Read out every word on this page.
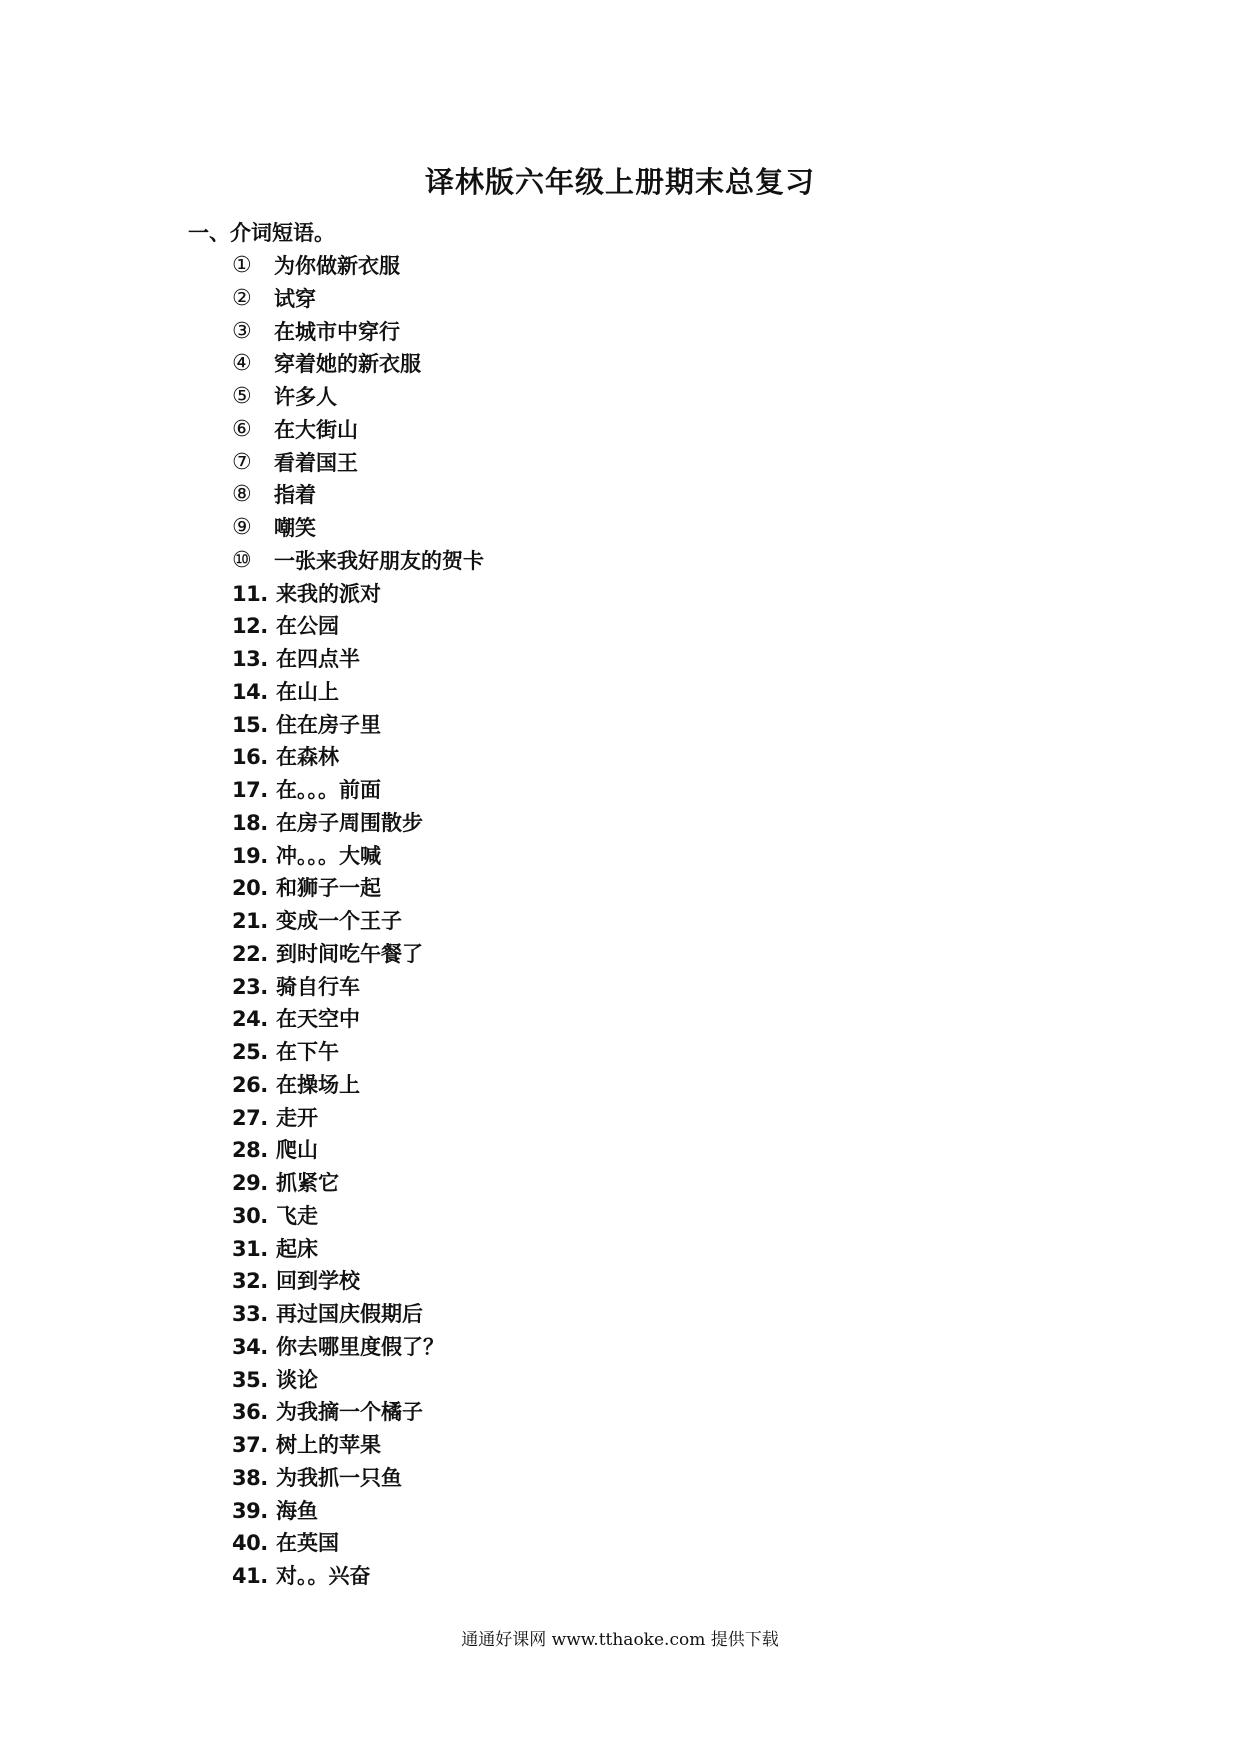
译林版六年级上册期末总复习
一、介词短语。
①	为你做新衣服
②	试穿
③	在城市中穿行
④	穿着她的新衣服
⑤	许多人
⑥	在大街山
⑦	看着国王
⑧	指着
⑨	嘲笑
⑩	一张来我好朋友的贺卡
11. 来我的派对
12. 在公园
13. 在四点半
14. 在山上
15. 住在房子里
16. 在森林
17. 在。。。前面
18. 在房子周围散步
19. 冲。。。大喊
20. 和狮子一起
21. 变成一个王子
22. 到时间吃午餐了
23. 骑自行车
24. 在天空中
25. 在下午
26. 在操场上
27. 走开
28. 爬山
29. 抓紧它
30. 飞走
31. 起床
32. 回到学校
33. 再过国庆假期后
34. 你去哪里度假了？
35. 谈论
36. 为我摘一个橘子
37. 树上的苹果
38. 为我抓一只鱼
39. 海鱼
40. 在英国
41. 对。。兴奋
通通好课网 www.tthaoke.com 提供下载
